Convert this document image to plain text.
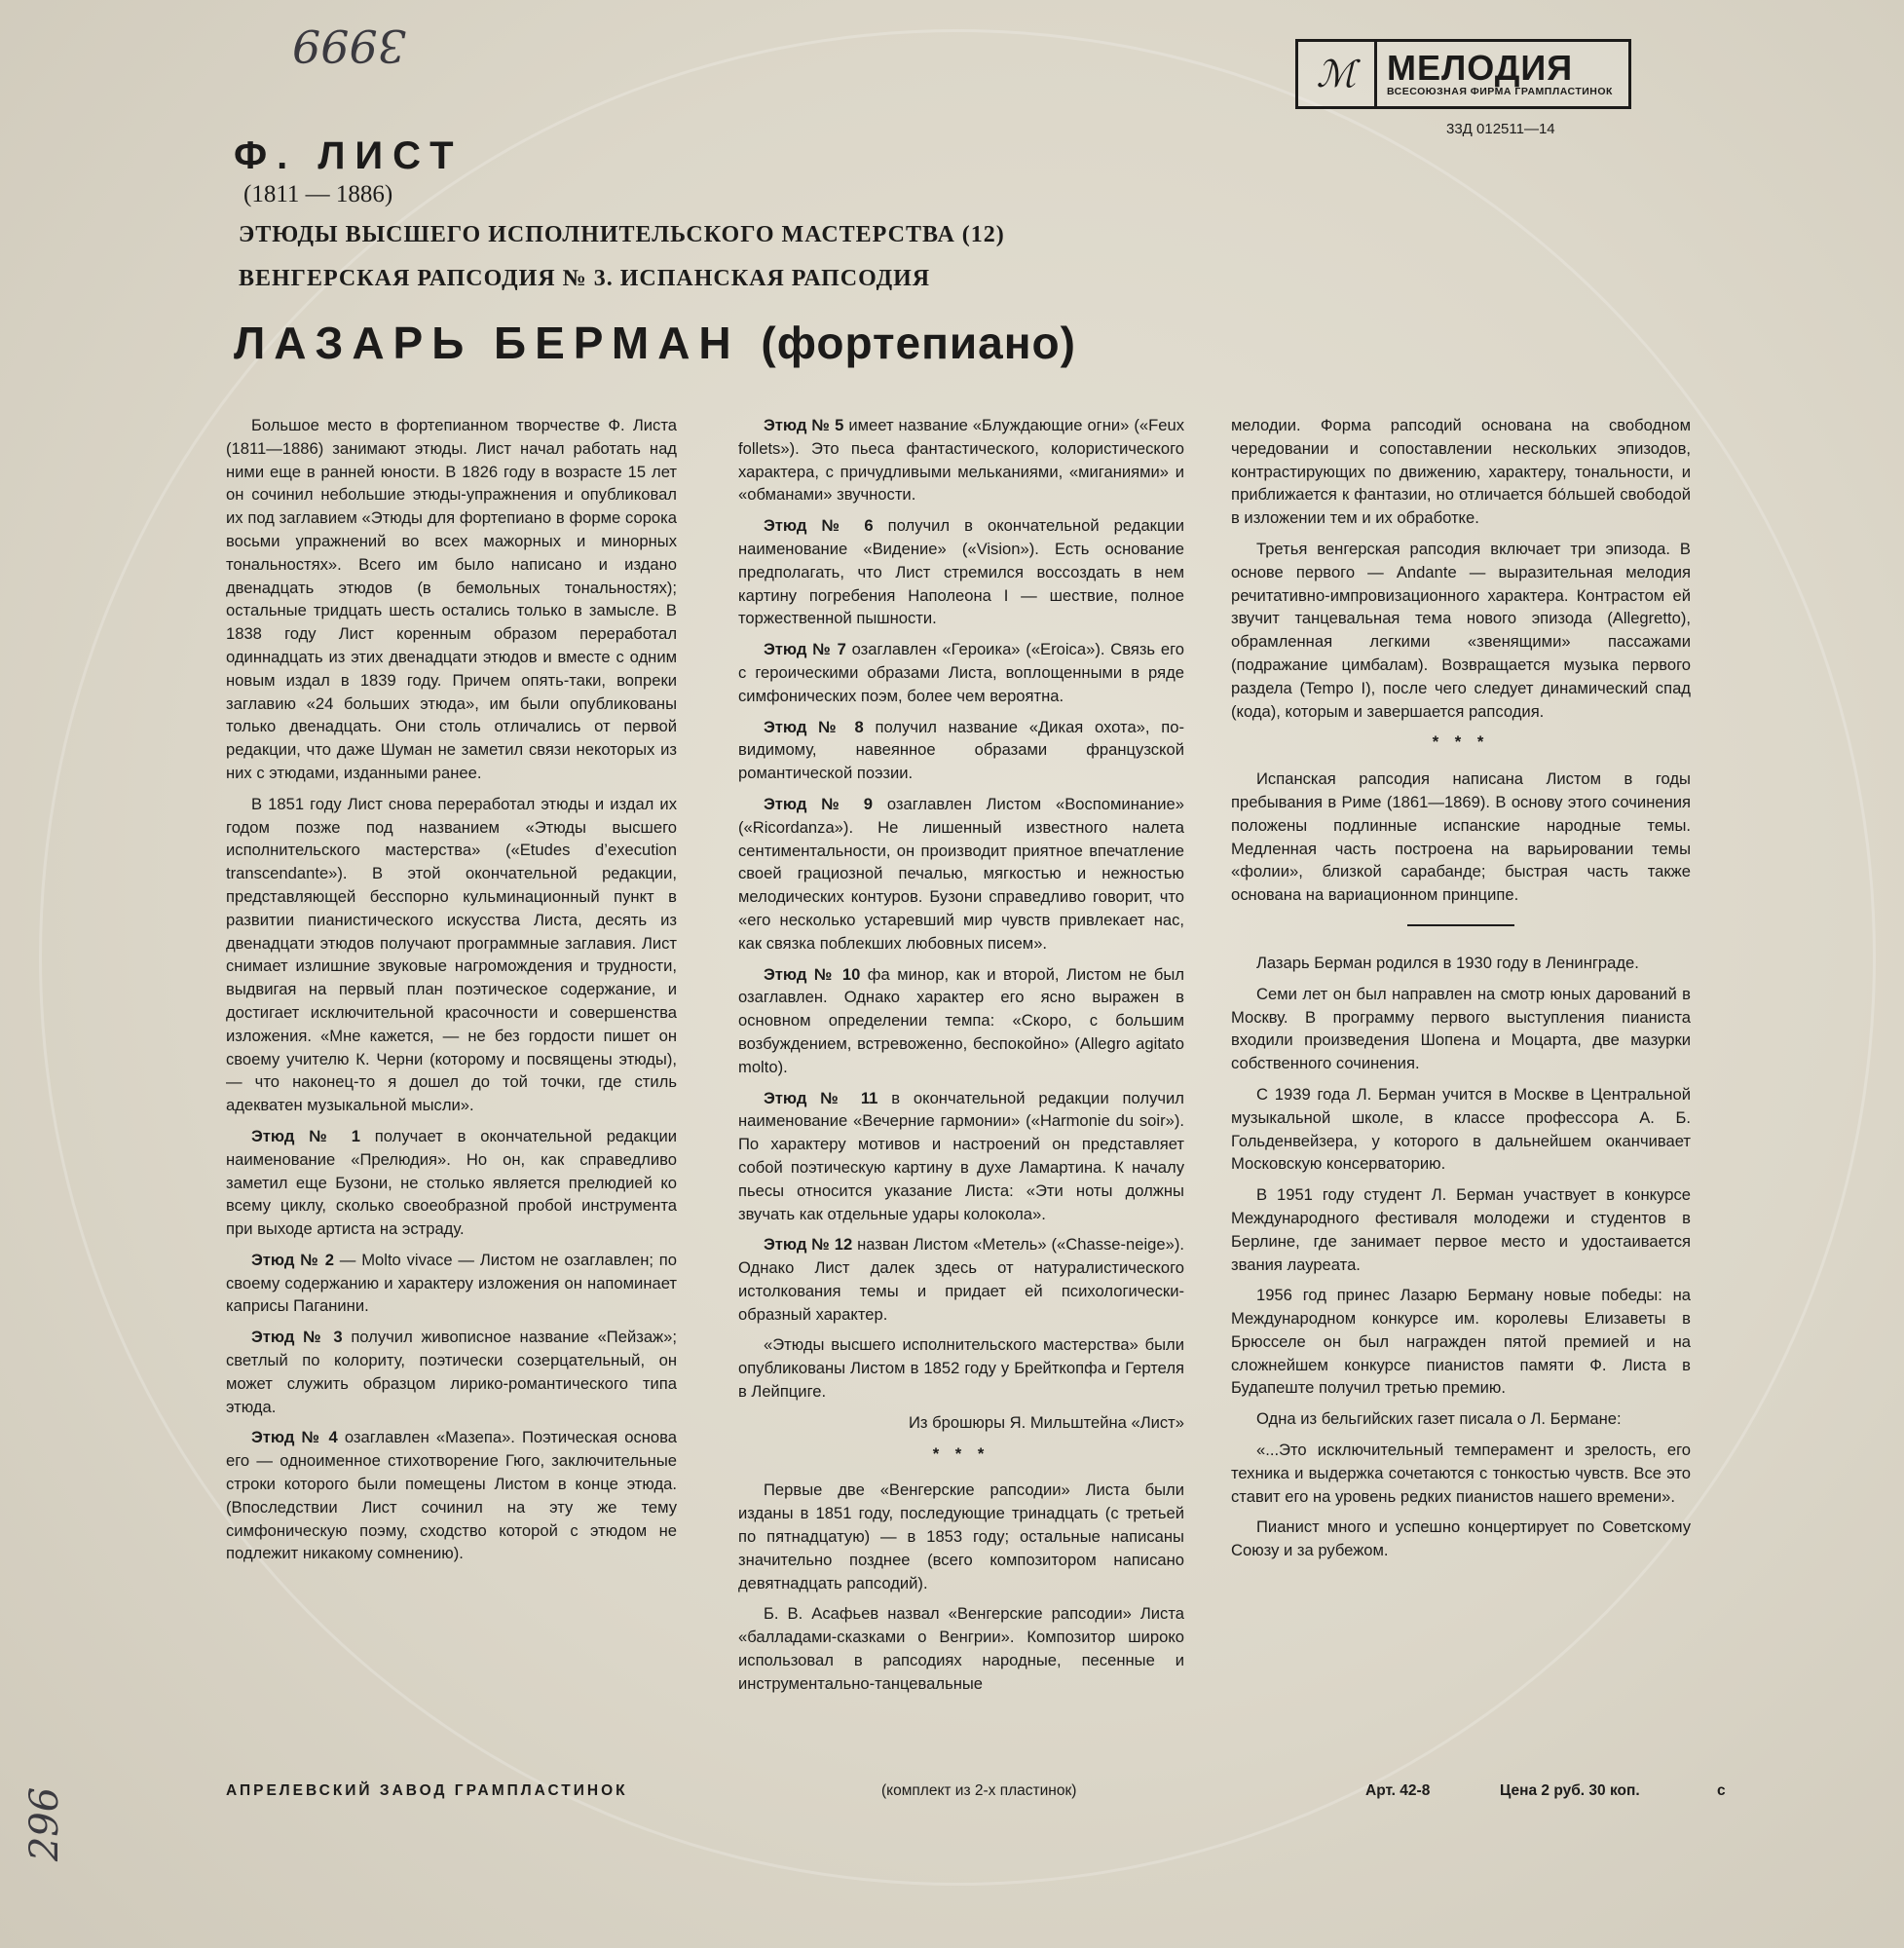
3999
296
ℳ МЕЛОДИЯ
ВСЕСОЮЗНАЯ ФИРМА ГРАМПЛАСТИНОК
33Д 012511—14
Ф. ЛИСТ
(1811 — 1886)
ЭТЮДЫ ВЫСШЕГО ИСПОЛНИТЕЛЬСКОГО МАСТЕРСТВА (12)
ВЕНГЕРСКАЯ РАПСОДИЯ № 3. ИСПАНСКАЯ РАПСОДИЯ
ЛАЗАРЬ БЕРМАН (фортепиано)

Большое место в фортепианном творчестве Ф. Листа (1811—1886) занимают этюды. Лист начал работать над ними еще в ранней юности. В 1826 году в возрасте 15 лет он сочинил небольшие этюды-упражнения и опубликовал их под заглавием «Этюды для фортепиано в форме сорока восьми упражнений во всех мажорных и минорных тональностях». Всего им было написано и издано двенадцать этюдов (в бемольных тональностях); остальные тридцать шесть остались только в замысле. В 1838 году Лист коренным образом переработал одиннадцать из этих двенадцати этюдов и вместе с одним новым издал в 1839 году. Причем опять-таки, вопреки заглавию «24 больших этюда», им были опубликованы только двенадцать. Они столь отличались от первой редакции, что даже Шуман не заметил связи некоторых из них с этюдами, изданными ранее.

В 1851 году Лист снова переработал этюды и издал их годом позже под названием «Этюды высшего исполнительского мастерства» («Etudes d’execution transcendante»). В этой окончательной редакции, представляющей бесспорно кульминационный пункт в развитии пианистического искусства Листа, десять из двенадцати этюдов получают программные заглавия. Лист снимает излишние звуковые нагромождения и трудности, выдвигая на первый план поэтическое содержание, и достигает исключительной красочности и совершенства изложения. «Мне кажется, — не без гордости пишет он своему учителю К. Черни (которому и посвящены этюды), — что наконец-то я дошел до той точки, где стиль адекватен музыкальной мысли».

Этюд № 1 получает в окончательной редакции наименование «Прелюдия». Но он, как справедливо заметил еще Бузони, не столько является прелюдией ко всему циклу, сколько своеобразной пробой инструмента при выходе артиста на эстраду.

Этюд № 2 — Molto vivace — Листом не озаглавлен; по своему содержанию и характеру изложения он напоминает каприсы Паганини.

Этюд № 3 получил живописное название «Пейзаж»; светлый по колориту, поэтически созерцательный, он может служить образцом лирико-романтического типа этюда.

Этюд № 4 озаглавлен «Мазепа». Поэтическая основа его — одноименное стихотворение Гюго, заключительные строки которого были помещены Листом в конце этюда. (Впоследствии Лист сочинил на эту же тему симфоническую поэму, сходство которой с этюдом не подлежит никакому сомнению).

Этюд № 5 имеет название «Блуждающие огни» («Feux follets»). Это пьеса фантастического, колористического характера, с причудливыми мельканиями, «миганиями» и «обманами» звучности.

Этюд № 6 получил в окончательной редакции наименование «Видение» («Vision»). Есть основание предполагать, что Лист стремился воссоздать в нем картину погребения Наполеона I — шествие, полное торжественной пышности.

Этюд № 7 озаглавлен «Героика» («Eroica»). Связь его с героическими образами Листа, воплощенными в ряде симфонических поэм, более чем вероятна.

Этюд № 8 получил название «Дикая охота», по-видимому, навеянное образами французской романтической поэзии.

Этюд № 9 озаглавлен Листом «Воспоминание» («Ricordanza»). Не лишенный известного налета сентиментальности, он производит приятное впечатление своей грациозной печалью, мягкостью и нежностью мелодических контуров. Бузони справедливо говорит, что «его несколько устаревший мир чувств привлекает нас, как связка поблекших любовных писем».

Этюд № 10 фа минор, как и второй, Листом не был озаглавлен. Однако характер его ясно выражен в основном определении темпа: «Скоро, с большим возбуждением, встревоженно, беспокойно» (Allegro agitato molto).

Этюд № 11 в окончательной редакции получил наименование «Вечерние гармонии» («Harmonie du soir»). По характеру мотивов и настроений он представляет собой поэтическую картину в духе Ламартина. К началу пьесы относится указание Листа: «Эти ноты должны звучать как отдельные удары колокола».

Этюд № 12 назван Листом «Метель» («Chasse-neige»). Однако Лист далек здесь от натуралистического истолкования темы и придает ей психологически-образный характер.

«Этюды высшего исполнительского мастерства» были опубликованы Листом в 1852 году у Брейткопфа и Гертеля в Лейпциге.

Из брошюры Я. Мильштейна «Лист»

* * *

Первые две «Венгерские рапсодии» Листа были изданы в 1851 году, последующие тринадцать (с третьей по пятнадцатую) — в 1853 году; остальные написаны значительно позднее (всего композитором написано девятнадцать рапсодий).

Б. В. Асафьев назвал «Венгерские рапсодии» Листа «балладами-сказками о Венгрии». Композитор широко использовал в рапсодиях народные, песенные и инструментально-танцевальные

мелодии. Форма рапсодий основана на свободном чередовании и сопоставлении нескольких эпизодов, контрастирующих по движению, характеру, тональности, и приближается к фантазии, но отличается бо́льшей свободой в изложении тем и их обработке.

Третья венгерская рапсодия включает три эпизода. В основе первого — Andante — выразительная мелодия речитативно-импровизационного характера. Контрастом ей звучит танцевальная тема нового эпизода (Allegretto), обрамленная легкими «звенящими» пассажами (подражание цимбалам). Возвращается музыка первого раздела (Tempo I), после чего следует динамический спад (кода), которым и завершается рапсодия.

* * *

Испанская рапсодия написана Листом в годы пребывания в Риме (1861—1869). В основу этого сочинения положены подлинные испанские народные темы. Медленная часть построена на варьировании темы «фолии», близкой сарабанде; быстрая часть также основана на вариационном принципе.

Лазарь Берман родился в 1930 году в Ленинграде.

Семи лет он был направлен на смотр юных дарований в Москву. В программу первого выступления пианиста входили произведения Шопена и Моцарта, две мазурки собственного сочинения.

С 1939 года Л. Берман учится в Москве в Центральной музыкальной школе, в классе профессора А. Б. Гольденвейзера, у которого в дальнейшем оканчивает Московскую консерваторию.

В 1951 году студент Л. Берман участвует в конкурсе Международного фестиваля молодежи и студентов в Берлине, где занимает первое место и удостаивается звания лауреата.

1956 год принес Лазарю Берману новые победы: на Международном конкурсе им. королевы Елизаветы в Брюсселе он был награжден пятой премией и на сложнейшем конкурсе пианистов памяти Ф. Листа в Будапеште получил третью премию.

Одна из бельгийских газет писала о Л. Бермане:

«...Это исключительный темперамент и зрелость, его техника и выдержка сочетаются с тонкостью чувств. Все это ставит его на уровень редких пианистов нашего времени».

Пианист много и успешно концертирует по Советскому Союзу и за рубежом.

АПРЕЛЕВСКИЙ ЗАВОД ГРАМПЛАСТИНОК	(комплект из 2-х пластинок)	Арт. 42-8	Цена 2 руб. 30 коп.	с
